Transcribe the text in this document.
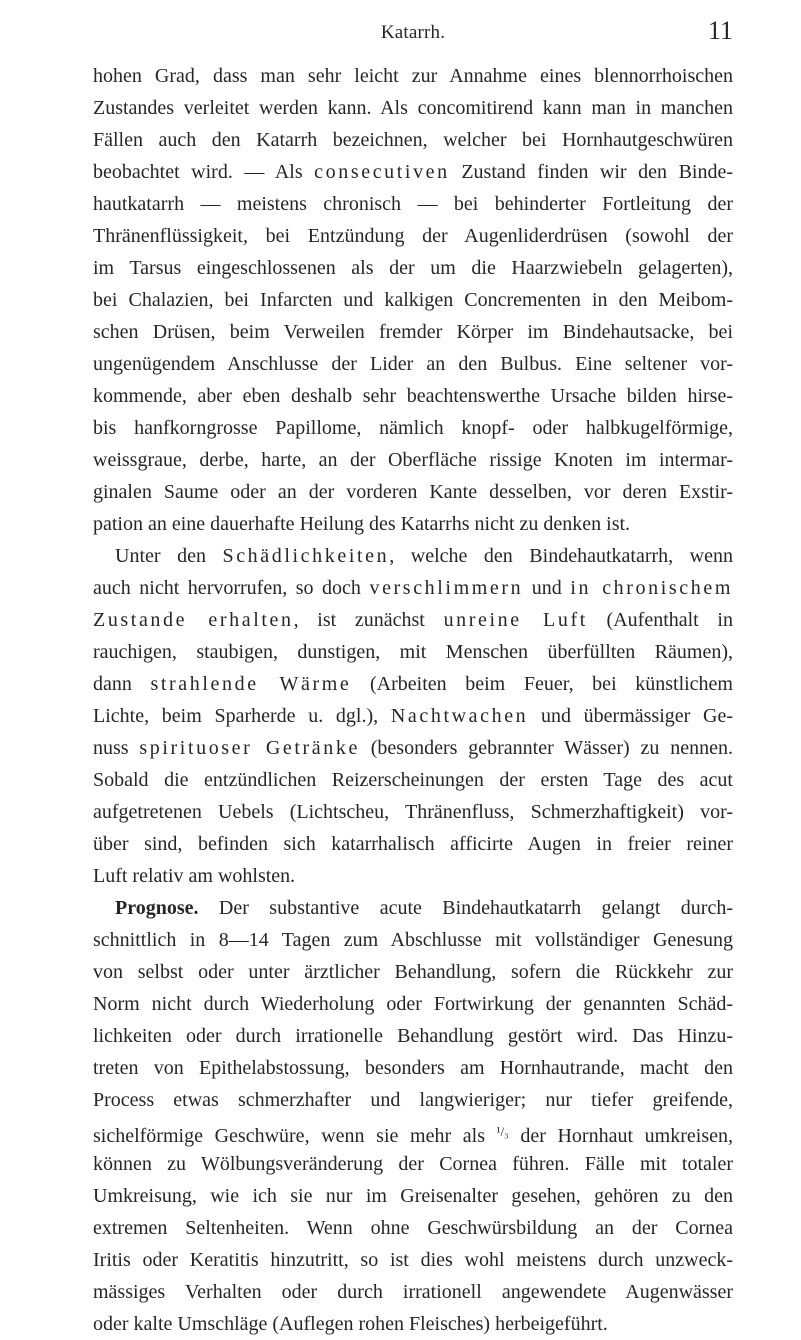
Katarrh.	11
hohen Grad, dass man sehr leicht zur Annahme eines blennorrhoischen
Zustandes verleitet werden kann. Als concomitirend kann man in manchen
Fällen auch den Katarrh bezeichnen, welcher bei Hornhautgeschwüren
beobachtet wird. — Als consecutiven Zustand finden wir den Binde-
hautkatarrh — meistens chronisch — bei behinderter Fortleitung der
Thränenflüssigkeit, bei Entzündung der Augenliderdrüsen (sowohl der
im Tarsus eingeschlossenen als der um die Haarzwiebeln gelagerten),
bei Chalazien, bei Infarcten und kalkigen Concrementen in den Meibom-
schen Drüsen, beim Verweilen fremder Körper im Bindehautsacke, bei
ungenügendem Anschlusse der Lider an den Bulbus. Eine seltener vor-
kommende, aber eben deshalb sehr beachtenswerthe Ursache bilden hirse-
bis hanfkorngrosse Papillome, nämlich knopf- oder halbkugelförmige,
weissgraue, derbe, harte, an der Oberfläche rissige Knoten im intermar-
ginalen Saume oder an der vorderen Kante desselben, vor deren Exstir-
pation an eine dauerhafte Heilung des Katarrhs nicht zu denken ist.
Unter den Schädlichkeiten, welche den Bindehautkatarrh, wenn
auch nicht hervorrufen, so doch verschlimmern und in chronischem
Zustande erhalten, ist zunächst unreine Luft (Aufenthalt in
rauchigen, staubigen, dunstigen, mit Menschen überfüllten Räumen),
dann strahlende Wärme (Arbeiten beim Feuer, bei künstlichem
Lichte, beim Sparherde u. dgl.), Nachtwachen und übermässiger Ge-
nuss spirituoser Getränke (besonders gebrannter Wässer) zu nennen.
Sobald die entzündlichen Reizerscheinungen der ersten Tage des acut
aufgetretenen Uebels (Lichtscheu, Thränenfluss, Schmerzhaftigkeit) vor-
über sind, befinden sich katarrhalisch afficirte Augen in freier reiner
Luft relativ am wohlsten.
Prognose. Der substantive acute Bindehautkatarrh gelangt durch-
schnittlich in 8—14 Tagen zum Abschlusse mit vollständiger Genesung
von selbst oder unter ärztlicher Behandlung, sofern die Rückkehr zur
Norm nicht durch Wiederholung oder Fortwirkung der genannten Schäd-
lichkeiten oder durch irrationelle Behandlung gestört wird. Das Hinzu-
treten von Epithelabstossung, besonders am Hornhautrande, macht den
Process etwas schmerzhafter und langwieriger; nur tiefer greifende,
sichelförmige Geschwüre, wenn sie mehr als $^{^1/_3}$ der Hornhaut umkreisen,
können zu Wölbungsveränderung der Cornea führen. Fälle mit totaler
Umkreisung, wie ich sie nur im Greisenalter gesehen, gehören zu den
extremen Seltenheiten. Wenn ohne Geschwürsbildung an der Cornea
Iritis oder Keratitis hinzutritt, so ist dies wohl meistens durch unzweck-
mässiges Verhalten oder durch irrationell angewendete Augenwässer
oder kalte Umschläge (Auflegen rohen Fleisches) herbeigeführt.
